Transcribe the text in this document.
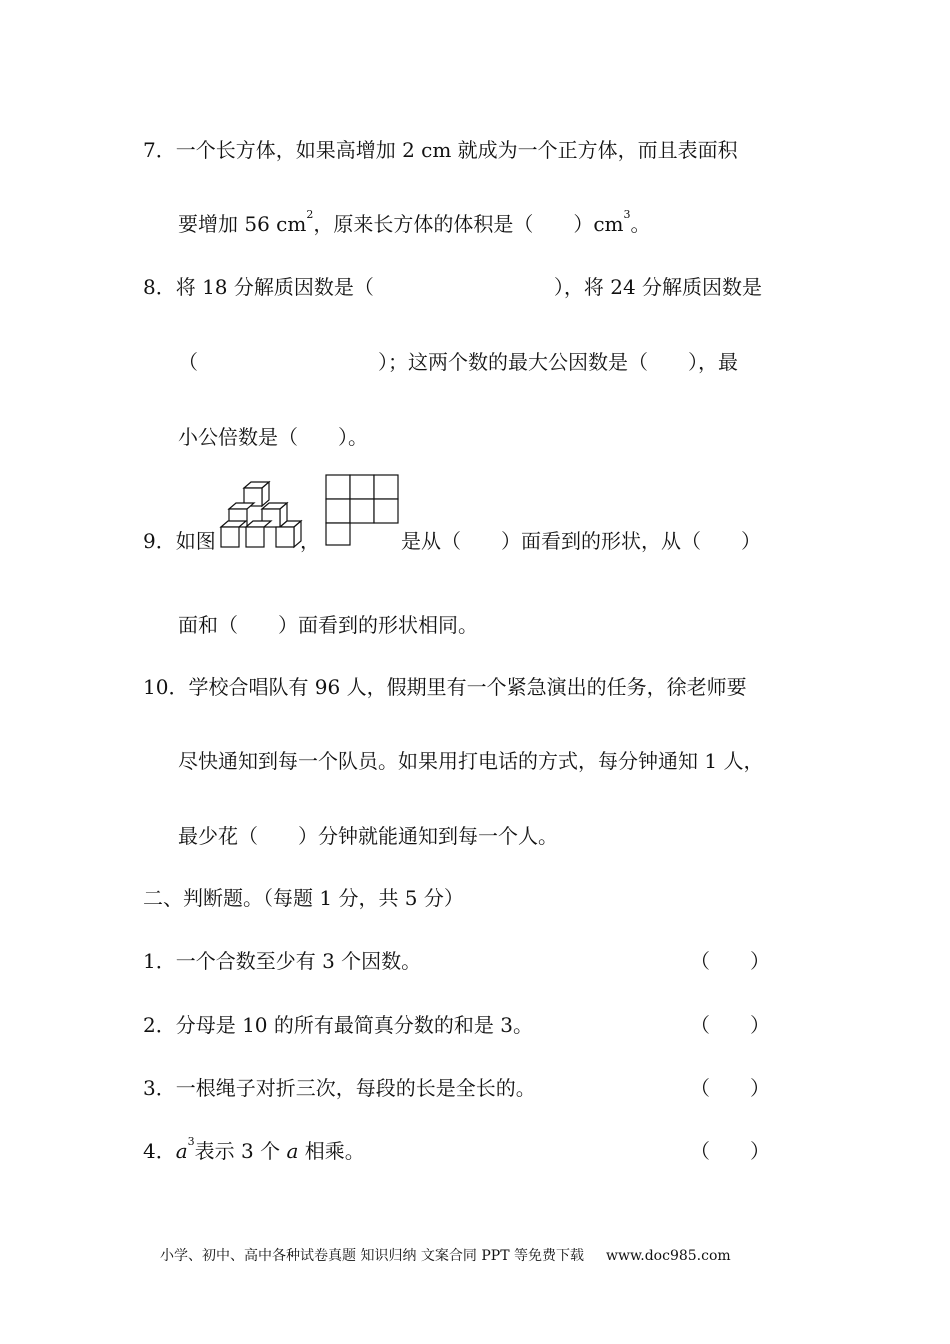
7．一个长方体，如果高增加 2 cm 就成为一个正方体，而且表面积
要增加 56 $cm^2$，原来长方体的体积是（　　）$cm^3$。
8．将 18 分解质因数是（　　　　　　　　　），将 24 分解质因数是
（　　　　　　　　　）；这两个数的最大公因数是（　　），最
小公倍数是（　　）。
9．如图	，	是从（　　）面看到的形状，从（　　）
面和（　　）面看到的形状相同。
10．学校合唱队有 96 人，假期里有一个紧急演出的任务，徐老师要
尽快通知到每一个队员。如果用打电话的方式，每分钟通知 1 人，
最少花（　　）分钟就能通知到每一个人。
二、判断题。（每题 1 分，共 5 分）
1．一个合数至少有 3 个因数。	（　　）
2．分母是 10 的所有最简真分数的和是 3。	（　　）
3．一根绳子对折三次，每段的长是全长的。	（　　）
4．$a^3$表示 3 个 a 相乘。	（　　）
小学、初中、高中各种试卷真题 知识归纳 文案合同 PPT 等免费下载 www.doc985.com
